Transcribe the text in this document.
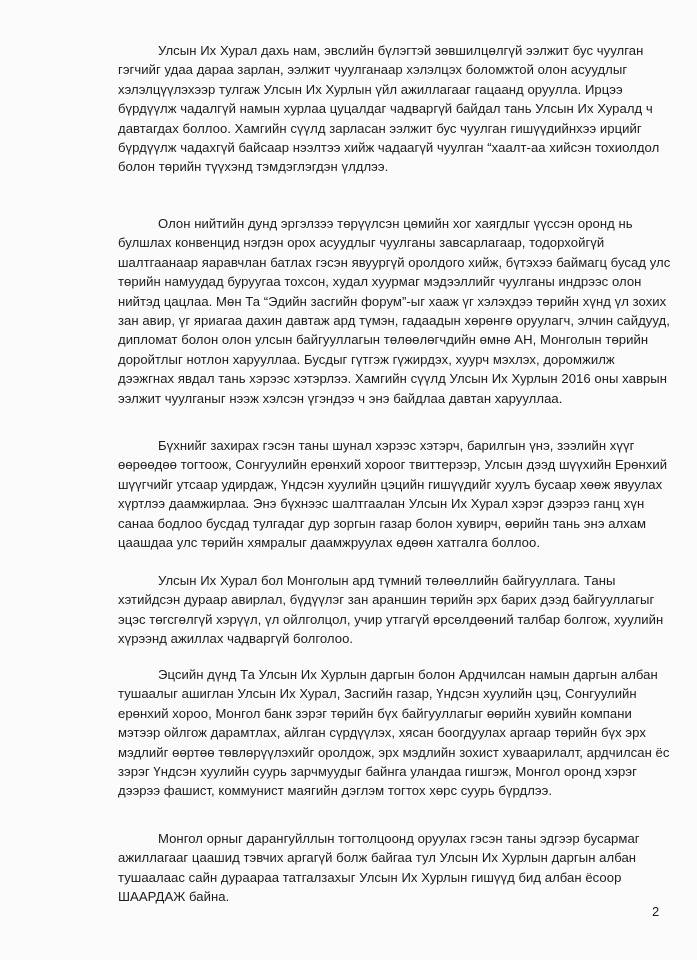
Улсын Их Хурал дахь нам, эвслийн бүлэгтэй зөвшилцөлгүй ээлжит бус чуулган гэгчийг удаа дараа зарлан, ээлжит чуулганаар хэлэлцэх боломжтой олон асуудлыг хэлэлцүүлэхээр тулгаж Улсын Их Хурлын үйл ажиллагааг гацаанд оруулла. Ирцээ бүрдүүлж чадалгүй намын хурлаа цуцалдаг чадваргүй байдал тань Улсын Их Хуралд ч давтагдах боллоо. Хамгийн сүүлд зарласан ээлжит бус чуулган гишүүдийнхээ ирцийг бүрдүүлж чадахгүй байсаар нээлтээ хийж чадаагүй чуулган “хаалт-аа хийсэн тохиолдол болон төрийн түүхэнд тэмдэглэгдэн үлдлээ.

Олон нийтийн дунд эргэлзээ төрүүлсэн цөмийн хог хаягдлыг үүссэн оронд нь булшлах конвенцид нэгдэн орох асуудлыг чуулганы завсарлагаар, тодорхойгүй шалтгаанаар яаравчлан батлах гэсэн явуургүй оролдого хийж, бүтэхээ баймагц бусад улс төрийн намуудад буруугаа тохсон, худал хуурмаг мэдээллийг чуулганы индрээс олон нийтэд цацлаа. Мөн Та “Эдийн засгийн форум”-ыг хааж үг хэлэхдээ төрийн хүнд үл зохих зан авир, үг яриагаа дахин давтаж ард түмэн, гадаадын хөрөнгө оруулагч, элчин сайдууд, дипломат болон олон улсын байгууллагын төлөөлөгчдийн өмнө АН, Монголын төрийн доройтлыг нотлон харууллаа. Бусдыг гүтгэж гүжирдэх, хуурч мэхлэх, доромжилж дээжгнах явдал тань хэрээс хэтэрлээ. Хамгийн сүүлд Улсын Их Хурлын 2016 оны хаврын ээлжит чуулганыг нээж хэлсэн үгэндээ ч энэ байдлаа давтан харууллаа.

Бүхнийг захирах гэсэн таны шунал хэрээс хэтэрч, барилгын үнэ, зээлийн хүүг өөрөөдөө тогтоож, Сонгуулийн ерөнхий хороог твиттерээр, Улсын дээд шүүхийн Ерөнхий шүүгчийг утсаар удирдаж, Үндсэн хуулийн цэцийн гишүүдийг хуулъ бусаар хөөж явуулах хүртлээ даамжирлаа. Энэ бүхнээс шалтгаалан Улсын Их Хурал хэрэг дээрээ ганц хүн санаа бодлоо бусдад тулгадаг дур зоргын газар болон хувирч, өөрийн тань энэ алхам цаашдаа улс төрийн хямралыг даамжруулах өдөөн хатгалга боллоо.

Улсын Их Хурал бол Монголын ард түмний төлөөллийн байгууллага. Таны хэтийдсэн дураар авирлал, бүдүүлэг зан араншин төрийн эрх барих дээд байгууллагыг эцэс төгсгөлгүй хэрүүл, үл ойлголцол, учир утгагүй өрсөлдөөний талбар болгож, хуулийн хүрээнд ажиллах чадваргүй болголоо.

Эцсийн дүнд Та Улсын Их Хурлын даргын болон Ардчилсан намын даргын албан тушаалыг ашиглан Улсын Их Хурал, Засгийн газар, Үндсэн хуулийн цэц, Сонгуулийн ерөнхий хороо, Монгол банк зэрэг төрийн бүх байгууллагыг өөрийн хувийн компани мэтээр ойлгож дарамтлах, айлган сүрдүүлэх, хясан боогдуулах аргаар төрийн бүх эрх мэдлийг өөртөө төвлөрүүлэхийг оролдож, эрх мэдлийн зохист хуваарилалт, ардчилсан ёс зэрэг Үндсэн хуулийн суурь зарчмуудыг байнга уландаа гишгэж, Монгол оронд хэрэг дээрээ фашист, коммунист маягийн дэглэм тогтох хөрс суурь бүрдлээ.

Монгол орныг дарангуйллын тогтолцоонд оруулах гэсэн таны эдгээр бусармаг ажиллагааг цаашид тэвчих аргагүй болж байгаа тул Улсын Их Хурлын даргын албан тушаалаас сайн дураараа татгалзахыг Улсын Их Хурлын гишүүд бид албан ёсоор ШААРДАЖ байна.

2
